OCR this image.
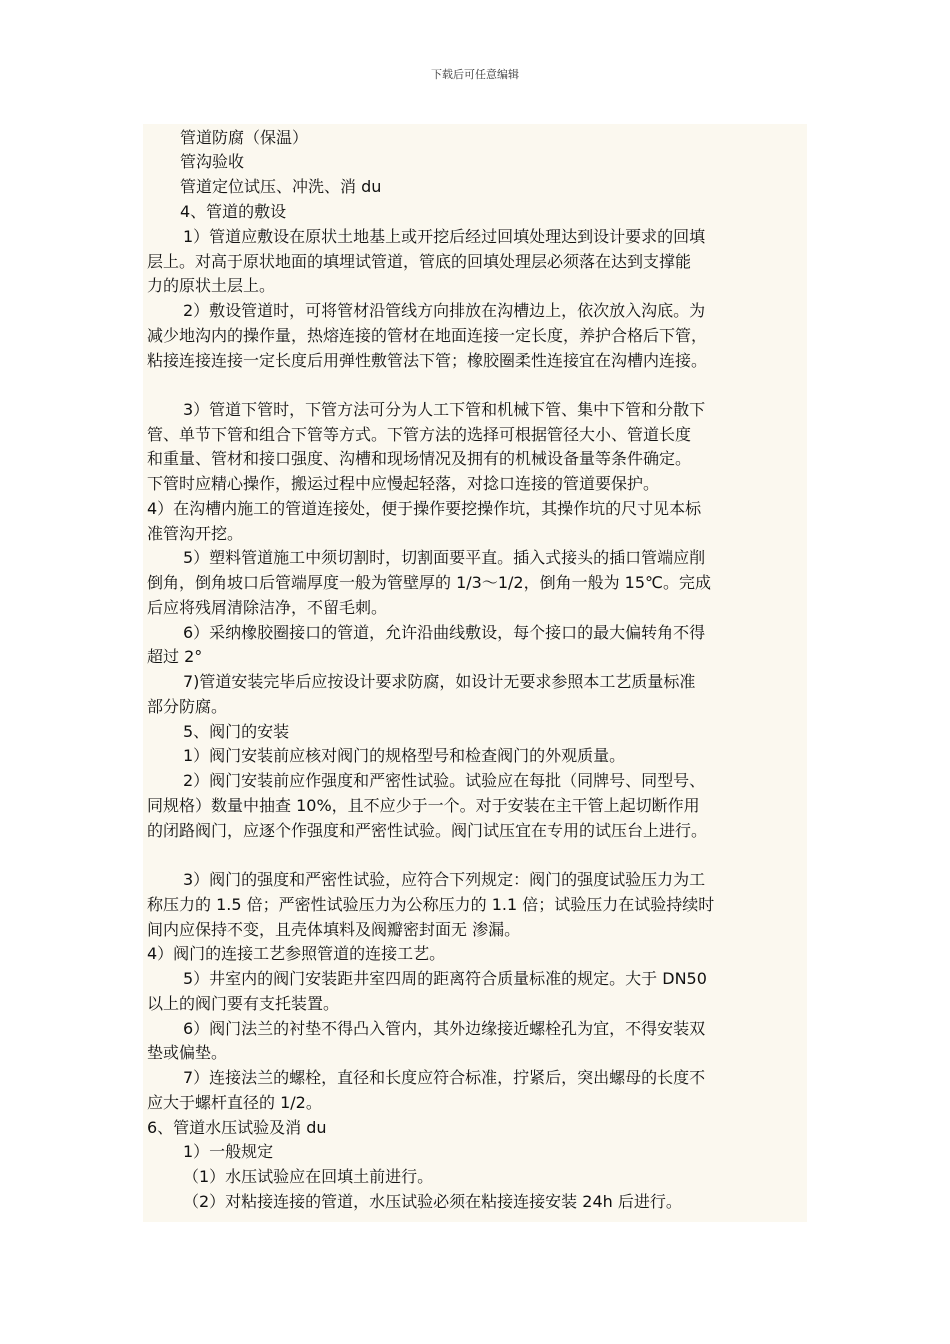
下载后可任意编辑
管道防腐（保温）
管沟验收
管道定位试压、冲洗、消 du
4、管道的敷设
1）管道应敷设在原状土地基上或开挖后经过回填处理达到设计要求的回填
层上。对高于原状地面的填埋试管道，管底的回填处理层必须落在达到支撑能
力的原状土层上。
2）敷设管道时，可将管材沿管线方向排放在沟槽边上，依次放入沟底。为
减少地沟内的操作量，热熔连接的管材在地面连接一定长度，养护合格后下管，
粘接连接连接一定长度后用弹性敷管法下管；橡胶圈柔性连接宜在沟槽内连接。
3）管道下管时，下管方法可分为人工下管和机械下管、集中下管和分散下
管、单节下管和组合下管等方式。下管方法的选择可根据管径大小、管道长度
和重量、管材和接口强度、沟槽和现场情况及拥有的机械设备量等条件确定。
下管时应精心操作，搬运过程中应慢起轻落，对捻口连接的管道要保护。
4）在沟槽内施工的管道连接处，便于操作要挖操作坑，其操作坑的尺寸见本标
准管沟开挖。
5）塑料管道施工中须切割时，切割面要平直。插入式接头的插口管端应削
倒角，倒角坡口后管端厚度一般为管壁厚的 1/3～1/2，倒角一般为 15℃。完成
后应将残屑清除洁净，不留毛刺。
6）采纳橡胶圈接口的管道，允许沿曲线敷设，每个接口的最大偏转角不得
超过 2°
7)管道安装完毕后应按设计要求防腐，如设计无要求参照本工艺质量标准
部分防腐。
5、阀门的安装
1）阀门安装前应核对阀门的规格型号和检查阀门的外观质量。
2）阀门安装前应作强度和严密性试验。试验应在每批（同牌号、同型号、
同规格）数量中抽查 10%，且不应少于一个。对于安装在主干管上起切断作用
的闭路阀门，应逐个作强度和严密性试验。阀门试压宜在专用的试压台上进行。
3）阀门的强度和严密性试验，应符合下列规定：阀门的强度试验压力为工
称压力的 1.5 倍；严密性试验压力为公称压力的 1.1 倍；试验压力在试验持续时
间内应保持不变，且壳体填料及阀瓣密封面无 渗漏。
4）阀门的连接工艺参照管道的连接工艺。
5）井室内的阀门安装距井室四周的距离符合质量标准的规定。大于 DN50
以上的阀门要有支托装置。
6）阀门法兰的衬垫不得凸入管内，其外边缘接近螺栓孔为宜，不得安装双
垫或偏垫。
7）连接法兰的螺栓，直径和长度应符合标准，拧紧后，突出螺母的长度不
应大于螺杆直径的 1/2。
6、管道水压试验及消 du
1）一般规定
（1）水压试验应在回填土前进行。
（2）对粘接连接的管道，水压试验必须在粘接连接安装 24h 后进行。
